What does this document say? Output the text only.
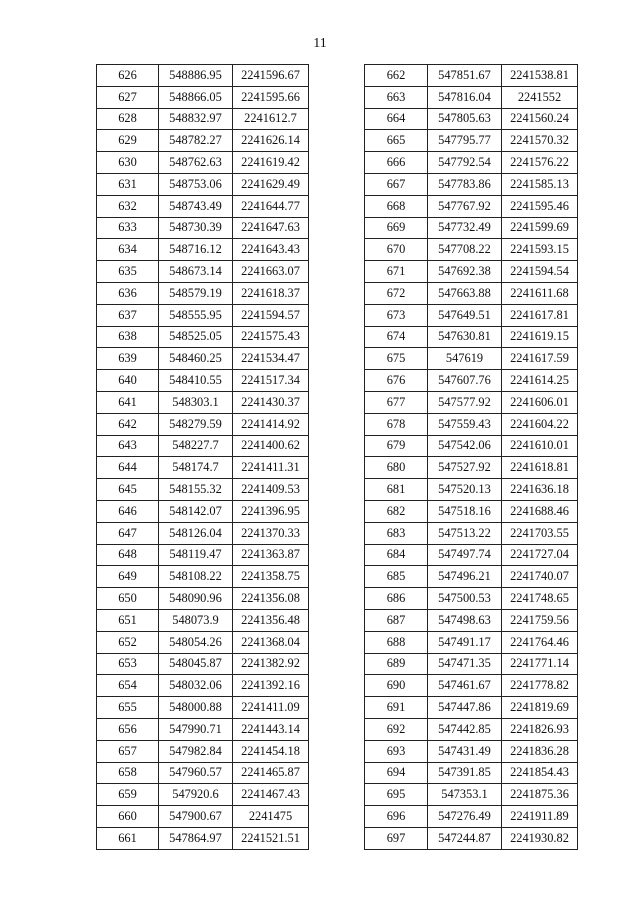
11
626	548886.95	2241596.67
627	548866.05	2241595.66
628	548832.97	2241612.7
629	548782.27	2241626.14
630	548762.63	2241619.42
631	548753.06	2241629.49
632	548743.49	2241644.77
633	548730.39	2241647.63
634	548716.12	2241643.43
635	548673.14	2241663.07
636	548579.19	2241618.37
637	548555.95	2241594.57
638	548525.05	2241575.43
639	548460.25	2241534.47
640	548410.55	2241517.34
641	548303.1	2241430.37
642	548279.59	2241414.92
643	548227.7	2241400.62
644	548174.7	2241411.31
645	548155.32	2241409.53
646	548142.07	2241396.95
647	548126.04	2241370.33
648	548119.47	2241363.87
649	548108.22	2241358.75
650	548090.96	2241356.08
651	548073.9	2241356.48
652	548054.26	2241368.04
653	548045.87	2241382.92
654	548032.06	2241392.16
655	548000.88	2241411.09
656	547990.71	2241443.14
657	547982.84	2241454.18
658	547960.57	2241465.87
659	547920.6	2241467.43
660	547900.67	2241475
661	547864.97	2241521.51
662	547851.67	2241538.81
663	547816.04	2241552
664	547805.63	2241560.24
665	547795.77	2241570.32
666	547792.54	2241576.22
667	547783.86	2241585.13
668	547767.92	2241595.46
669	547732.49	2241599.69
670	547708.22	2241593.15
671	547692.38	2241594.54
672	547663.88	2241611.68
673	547649.51	2241617.81
674	547630.81	2241619.15
675	547619	2241617.59
676	547607.76	2241614.25
677	547577.92	2241606.01
678	547559.43	2241604.22
679	547542.06	2241610.01
680	547527.92	2241618.81
681	547520.13	2241636.18
682	547518.16	2241688.46
683	547513.22	2241703.55
684	547497.74	2241727.04
685	547496.21	2241740.07
686	547500.53	2241748.65
687	547498.63	2241759.56
688	547491.17	2241764.46
689	547471.35	2241771.14
690	547461.67	2241778.82
691	547447.86	2241819.69
692	547442.85	2241826.93
693	547431.49	2241836.28
694	547391.85	2241854.43
695	547353.1	2241875.36
696	547276.49	2241911.89
697	547244.87	2241930.82
